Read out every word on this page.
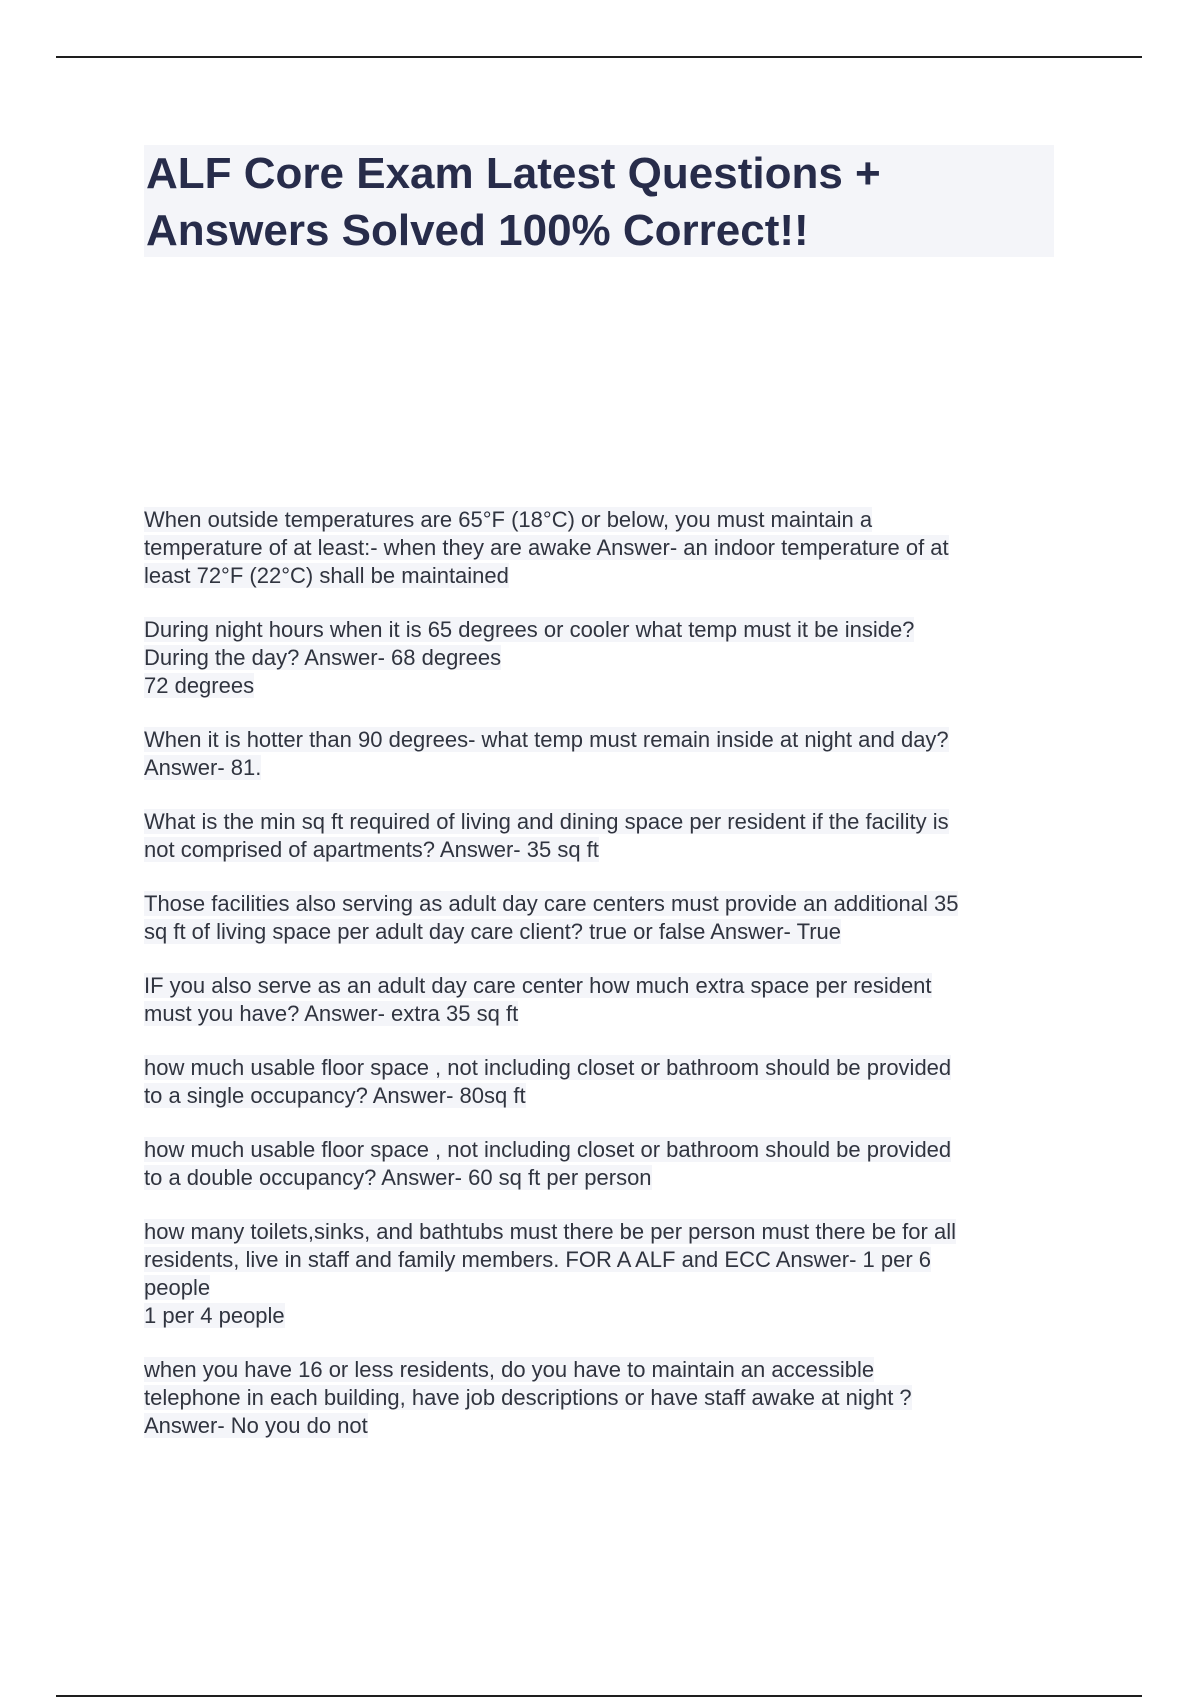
ALF Core Exam Latest Questions +
Answers Solved 100% Correct!!

When outside temperatures are 65°F (18°C) or below, you must maintain a
temperature of at least:- when they are awake Answer- an indoor temperature of at
least 72°F (22°C) shall be maintained

During night hours when it is 65 degrees or cooler what temp must it be inside?
During the day? Answer- 68 degrees
72 degrees

When it is hotter than 90 degrees- what temp must remain inside at night and day?
Answer- 81.

What is the min sq ft required of living and dining space per resident if the facility is
not comprised of apartments? Answer- 35 sq ft

Those facilities also serving as adult day care centers must provide an additional 35
sq ft of living space per adult day care client? true or false Answer- True

IF you also serve as an adult day care center how much extra space per resident
must you have? Answer- extra 35 sq ft

how much usable floor space , not including closet or bathroom should be provided
to a single occupancy? Answer- 80sq ft

how much usable floor space , not including closet or bathroom should be provided
to a double occupancy? Answer- 60 sq ft per person

how many toilets,sinks, and bathtubs must there be per person must there be for all
residents, live in staff and family members. FOR A ALF and ECC Answer- 1 per 6
people
1 per 4 people

when you have 16 or less residents, do you have to maintain an accessible
telephone in each building, have job descriptions or have staff awake at night ?
Answer- No you do not
